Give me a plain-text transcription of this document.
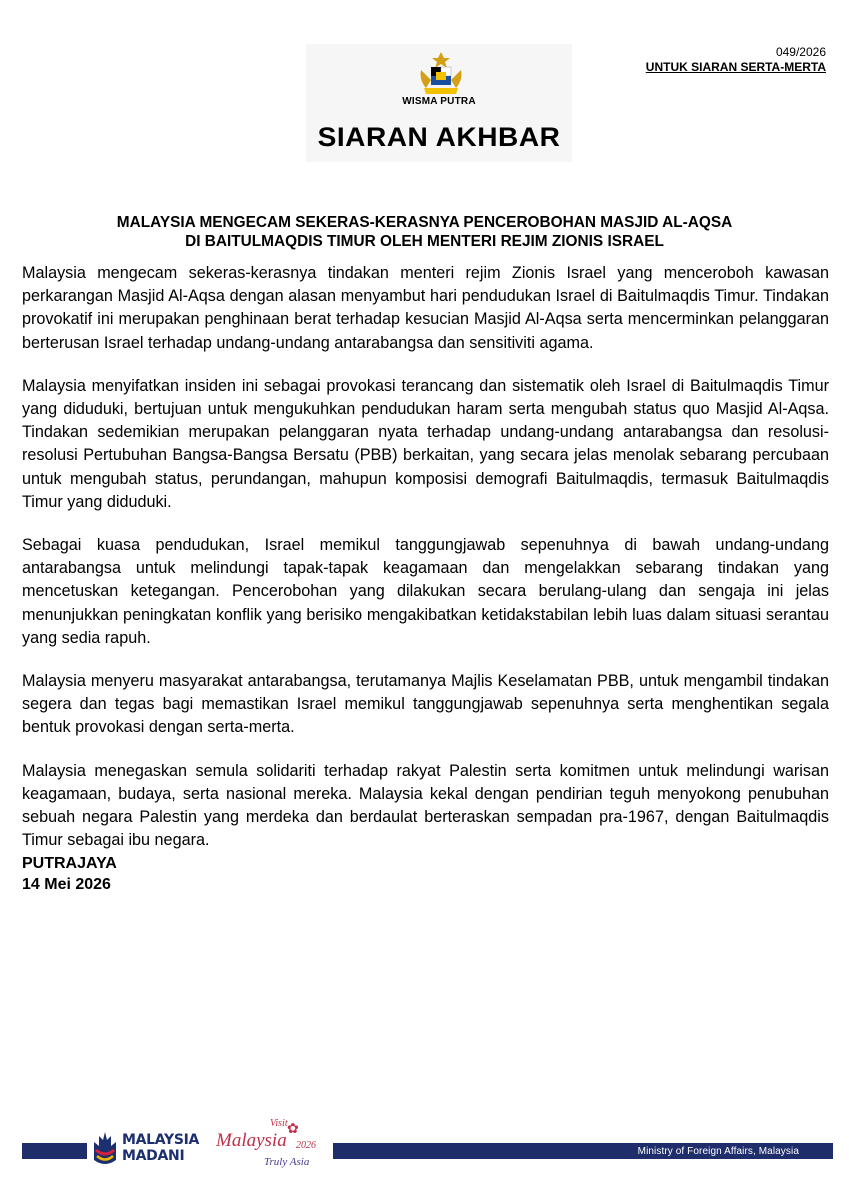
WISMA PUTRA
SIARAN AKHBAR
049/2026
UNTUK SIARAN SERTA-MERTA
MALAYSIA MENGECAM SEKERAS-KERASNYA PENCEROBOHAN MASJID AL-AQSA
DI BAITULMAQDIS TIMUR OLEH MENTERI REJIM ZIONIS ISRAEL

Malaysia mengecam sekeras-kerasnya tindakan menteri rejim Zionis Israel yang menceroboh kawasan perkarangan Masjid Al-Aqsa dengan alasan menyambut hari pendudukan Israel di Baitulmaqdis Timur. Tindakan provokatif ini merupakan penghinaan berat terhadap kesucian Masjid Al-Aqsa serta mencerminkan pelanggaran berterusan Israel terhadap undang-undang antarabangsa dan sensitiviti agama.

Malaysia menyifatkan insiden ini sebagai provokasi terancang dan sistematik oleh Israel di Baitulmaqdis Timur yang diduduki, bertujuan untuk mengukuhkan pendudukan haram serta mengubah status quo Masjid Al-Aqsa. Tindakan sedemikian merupakan pelanggaran nyata terhadap undang-undang antarabangsa dan resolusi-resolusi Pertubuhan Bangsa-Bangsa Bersatu (PBB) berkaitan, yang secara jelas menolak sebarang percubaan untuk mengubah status, perundangan, mahupun komposisi demografi Baitulmaqdis, termasuk Baitulmaqdis Timur yang diduduki.

Sebagai kuasa pendudukan, Israel memikul tanggungjawab sepenuhnya di bawah undang-undang antarabangsa untuk melindungi tapak-tapak keagamaan dan mengelakkan sebarang tindakan yang mencetuskan ketegangan. Pencerobohan yang dilakukan secara berulang-ulang dan sengaja ini jelas menunjukkan peningkatan konflik yang berisiko mengakibatkan ketidakstabilan lebih luas dalam situasi serantau yang sedia rapuh.

Malaysia menyeru masyarakat antarabangsa, terutamanya Majlis Keselamatan PBB, untuk mengambil tindakan segera dan tegas bagi memastikan Israel memikul tanggungjawab sepenuhnya serta menghentikan segala bentuk provokasi dengan serta-merta.

Malaysia menegaskan semula solidariti terhadap rakyat Palestin serta komitmen untuk melindungi warisan keagamaan, budaya, serta nasional mereka. Malaysia kekal dengan pendirian teguh menyokong penubuhan sebuah negara Palestin yang merdeka dan berdaulat berteraskan sempadan pra-1967, dengan Baitulmaqdis Timur sebagai ibu negara.

PUTRAJAYA
14 Mei 2026
MALAYSIA
MADANI
Visit ✿
Malaysia 2026
Truly Asia
Ministry of Foreign Affairs, Malaysia
